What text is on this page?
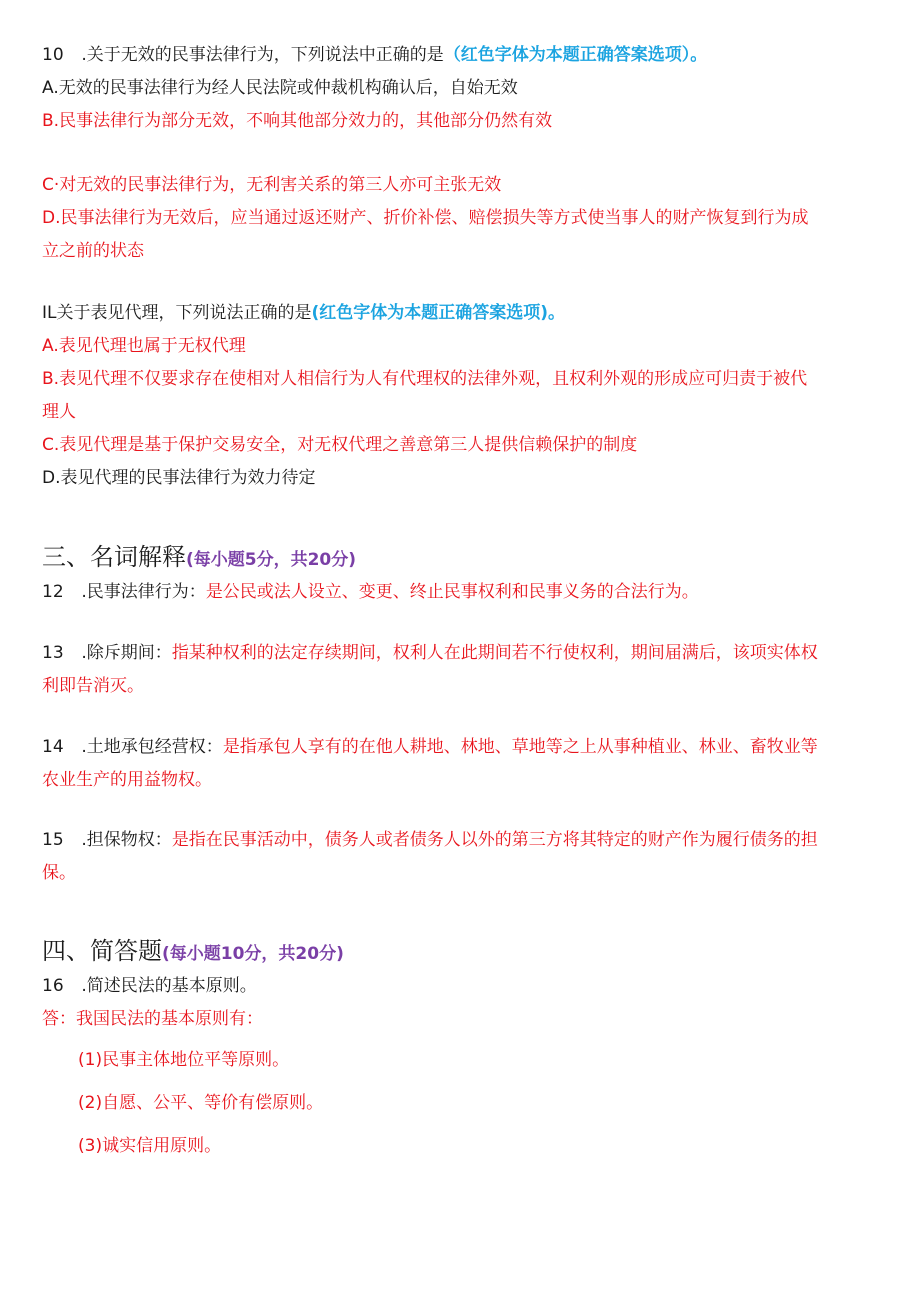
10 .关于无效的民事法律行为，下列说法中正确的是（红色字体为本题正确答案选项）。
A.无效的民事法律行为经人民法院或仲裁机构确认后，自始无效
B.民事法律行为部分无效，不响其他部分效力的，其他部分仍然有效
C·对无效的民事法律行为，无利害关系的第三人亦可主张无效
D.民事法律行为无效后，应当通过返还财产、折价补偿、赔偿损失等方式使当事人的财产恢复到行为成
立之前的状态
IL关于表见代理，下列说法正确的是(红色字体为本题正确答案选项)。
A.表见代理也属于无权代理
B.表见代理不仅要求存在使相对人相信行为人有代理权的法律外观，且权利外观的形成应可归责于被代
理人
C.表见代理是基于保护交易安全，对无权代理之善意第三人提供信赖保护的制度
D.表见代理的民事法律行为效力待定
三、名词解释(每小题5分，共20分)
12 .民事法律行为：是公民或法人设立、变更、终止民事权利和民事义务的合法行为。
13 .除斥期间：指某种权利的法定存续期间，权利人在此期间若不行使权利，期间届满后，该项实体权
利即告消灭。
14 .土地承包经营权：是指承包人享有的在他人耕地、林地、草地等之上从事种植业、林业、畜牧业等
农业生产的用益物权。
15 .担保物权：是指在民事活动中，债务人或者债务人以外的第三方将其特定的财产作为履行债务的担
保。
四、简答题(每小题10分，共20分)
16 .简述民法的基本原则。
答：我国民法的基本原则有：
(1)民事主体地位平等原则。
(2)自愿、公平、等价有偿原则。
(3)诚实信用原则。
